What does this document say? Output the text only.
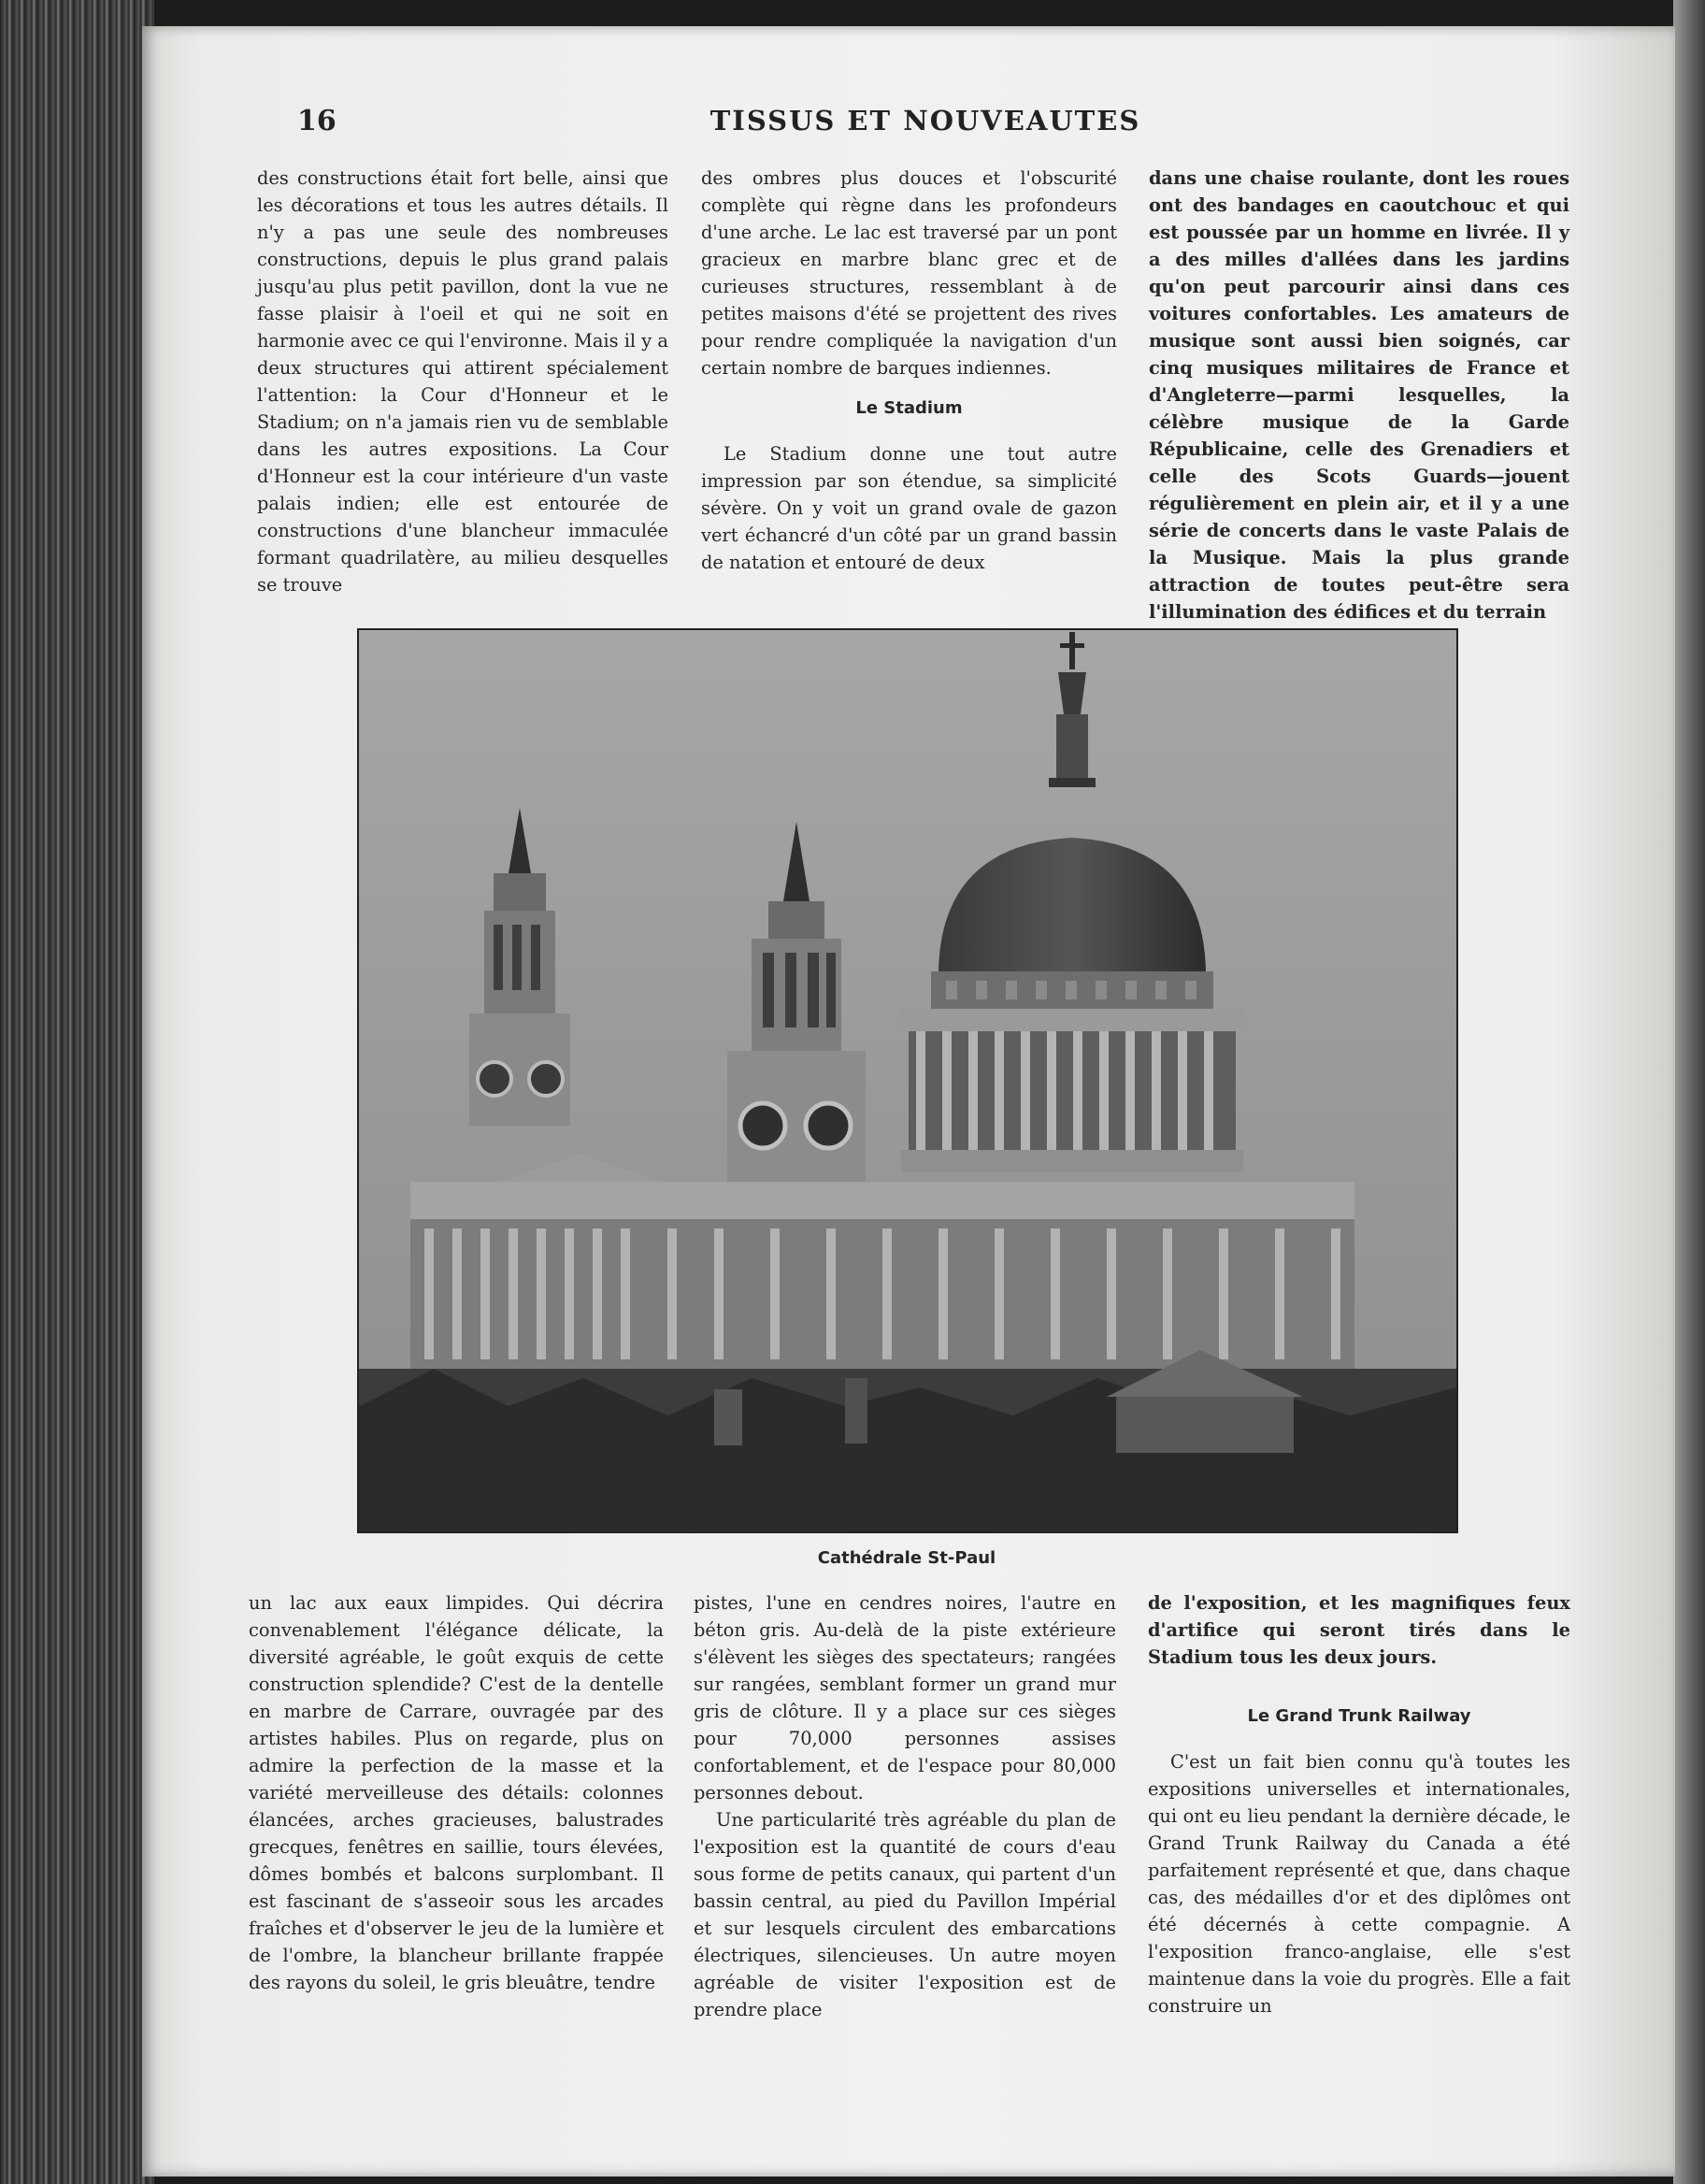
16	TISSUS ET NOUVEAUTES

des constructions était fort belle, ainsi que les décorations et tous les autres détails. Il n'y a pas une seule des nombreuses constructions, depuis le plus grand palais jusqu'au plus petit pavillon, dont la vue ne fasse plaisir à l'oeil et qui ne soit en harmonie avec ce qui l'environne. Mais il y a deux structures qui attirent spécialement l'attention: la Cour d'Honneur et le Stadium; on n'a jamais rien vu de semblable dans les autres expositions. La Cour d'Honneur est la cour intérieure d'un vaste palais indien; elle est entourée de constructions d'une blancheur immaculée formant quadrilatère, au milieu desquelles se trouve

des ombres plus douces et l'obscurité complète qui règne dans les profondeurs d'une arche. Le lac est traversé par un pont gracieux en marbre blanc grec et de curieuses structures, ressemblant à de petites maisons d'été se projettent des rives pour rendre compliquée la navigation d'un certain nombre de barques indiennes.

Le Stadium

Le Stadium donne une tout autre impression par son étendue, sa simplicité sévère. On y voit un grand ovale de gazon vert échancré d'un côté par un grand bassin de natation et entouré de deux

dans une chaise roulante, dont les roues ont des bandages en caoutchouc et qui est poussée par un homme en livrée. Il y a des milles d'allées dans les jardins qu'on peut parcourir ainsi dans ces voitures confortables. Les amateurs de musique sont aussi bien soignés, car cinq musiques militaires de France et d'Angleterre—parmi lesquelles, la célèbre musique de la Garde Républicaine, celle des Grenadiers et celle des Scots Guards—jouent régulièrement en plein air, et il y a une série de concerts dans le vaste Palais de la Musique. Mais la plus grande attraction de toutes peut-être sera l'illumination des édifices et du terrain

Cathédrale St-Paul

un lac aux eaux limpides. Qui décrira convenablement l'élégance délicate, la diversité agréable, le goût exquis de cette construction splendide? C'est de la dentelle en marbre de Carrare, ouvragée par des artistes habiles. Plus on regarde, plus on admire la perfection de la masse et la variété merveilleuse des détails: colonnes élancées, arches gracieuses, balustrades grecques, fenêtres en saillie, tours élevées, dômes bombés et balcons surplombant. Il est fascinant de s'asseoir sous les arcades fraîches et d'observer le jeu de la lumière et de l'ombre, la blancheur brillante frappée des rayons du soleil, le gris bleuâtre, tendre

pistes, l'une en cendres noires, l'autre en béton gris. Au-delà de la piste extérieure s'élèvent les sièges des spectateurs; rangées sur rangées, semblant former un grand mur gris de clôture. Il y a place sur ces sièges pour 70,000 personnes assises confortablement, et de l'espace pour 80,000 personnes debout.

Une particularité très agréable du plan de l'exposition est la quantité de cours d'eau sous forme de petits canaux, qui partent d'un bassin central, au pied du Pavillon Impérial et sur lesquels circulent des embarcations électriques, silencieuses. Un autre moyen agréable de visiter l'exposition est de prendre place

de l'exposition, et les magnifiques feux d'artifice qui seront tirés dans le Stadium tous les deux jours.

Le Grand Trunk Railway

C'est un fait bien connu qu'à toutes les expositions universelles et internationales, qui ont eu lieu pendant la dernière décade, le Grand Trunk Railway du Canada a été parfaitement représenté et que, dans chaque cas, des médailles d'or et des diplômes ont été décernés à cette compagnie. A l'exposition franco-anglaise, elle s'est maintenue dans la voie du progrès. Elle a fait construire un
